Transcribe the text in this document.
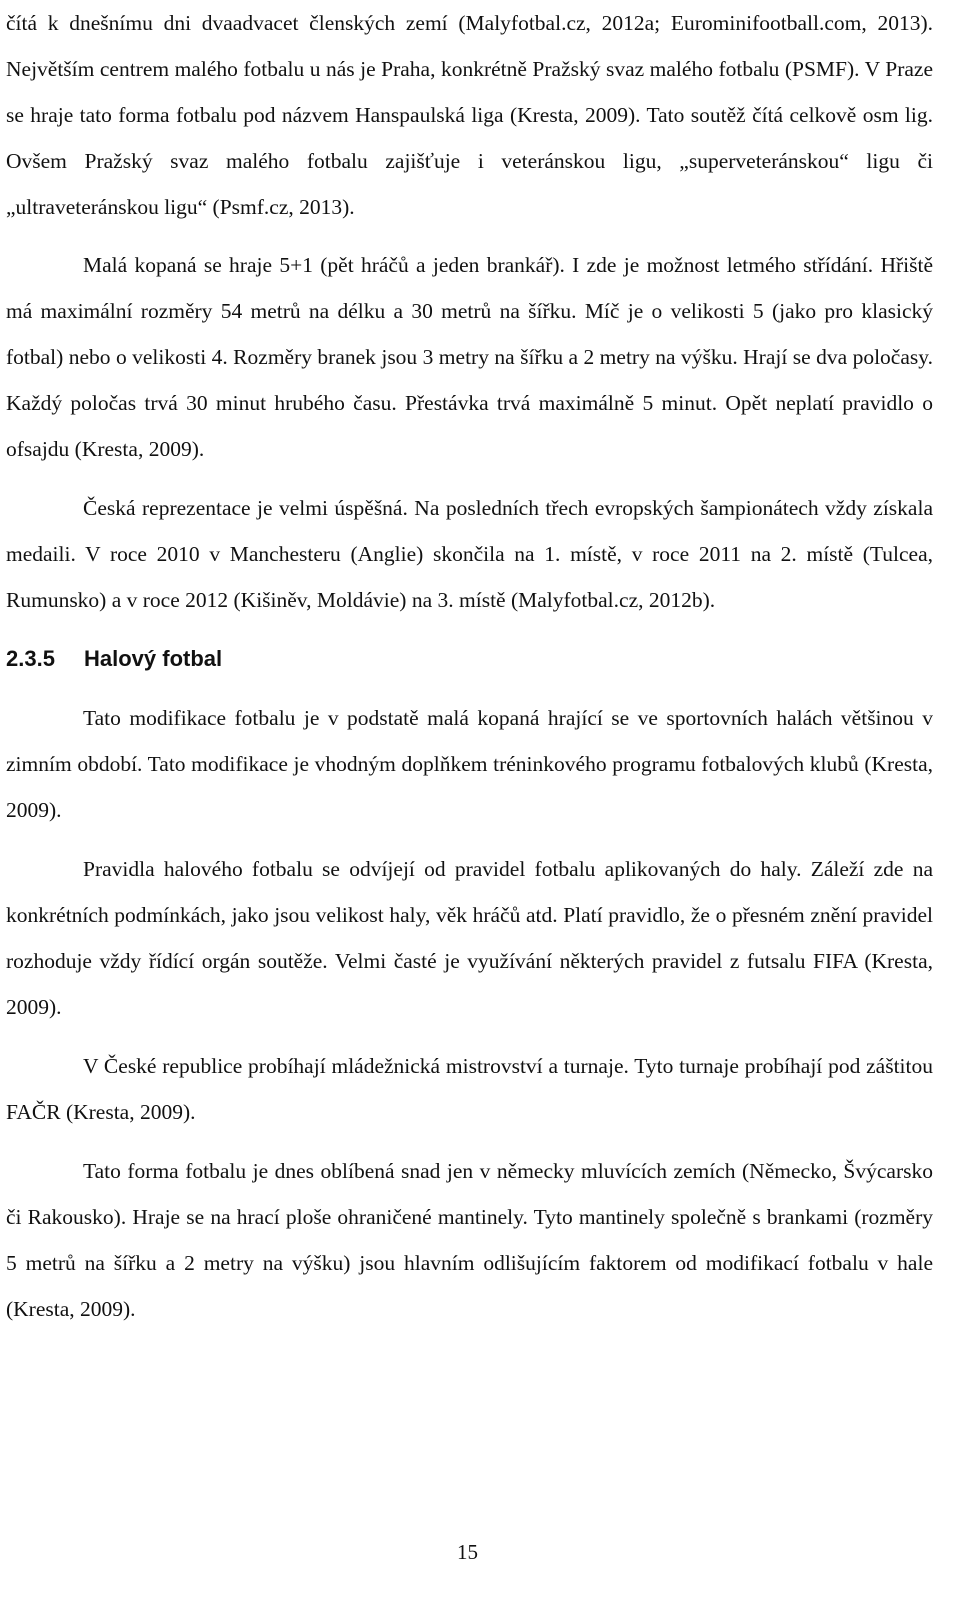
čítá k dnešnímu dni dvaadvacet členských zemí (Malyfotbal.cz, 2012a; Eurominifootball.com, 2013). Největším centrem malého fotbalu u nás je Praha, konkrétně Pražský svaz malého fotbalu (PSMF). V Praze se hraje tato forma fotbalu pod názvem Hanspaulská liga (Kresta, 2009). Tato soutěž čítá celkově osm lig. Ovšem Pražský svaz malého fotbalu zajišťuje i veteránskou ligu, „superveteránskou“ ligu či „ultraveteránskou ligu“ (Psmf.cz, 2013).

Malá kopaná se hraje 5+1 (pět hráčů a jeden brankář). I zde je možnost letmého střídání. Hřiště má maximální rozměry 54 metrů na délku a 30 metrů na šířku. Míč je o velikosti 5 (jako pro klasický fotbal) nebo o velikosti 4. Rozměry branek jsou 3 metry na šířku a 2 metry na výšku. Hrají se dva poločasy. Každý poločas trvá 30 minut hrubého času. Přestávka trvá maximálně 5 minut. Opět neplatí pravidlo o ofsajdu (Kresta, 2009).

Česká reprezentace je velmi úspěšná. Na posledních třech evropských šampionátech vždy získala medaili. V roce 2010 v Manchesteru (Anglie) skončila na 1. místě, v roce 2011 na 2. místě (Tulcea, Rumunsko) a v roce 2012 (Kišiněv, Moldávie) na 3. místě (Malyfotbal.cz, 2012b).

2.3.5 Halový fotbal

Tato modifikace fotbalu je v podstatě malá kopaná hrající se ve sportovních halách většinou v zimním období. Tato modifikace je vhodným doplňkem tréninkového programu fotbalových klubů (Kresta, 2009).

Pravidla halového fotbalu se odvíjejí od pravidel fotbalu aplikovaných do haly. Záleží zde na konkrétních podmínkách, jako jsou velikost haly, věk hráčů atd. Platí pravidlo, že o přesném znění pravidel rozhoduje vždy řídící orgán soutěže. Velmi časté je využívání některých pravidel z futsalu FIFA (Kresta, 2009).

V České republice probíhají mládežnická mistrovství a turnaje. Tyto turnaje probíhají pod záštitou FAČR (Kresta, 2009).

Tato forma fotbalu je dnes oblíbená snad jen v německy mluvících zemích (Německo, Švýcarsko či Rakousko). Hraje se na hrací ploše ohraničené mantinely. Tyto mantinely společně s brankami (rozměry 5 metrů na šířku a 2 metry na výšku) jsou hlavním odlišujícím faktorem od modifikací fotbalu v hale (Kresta, 2009).

15
